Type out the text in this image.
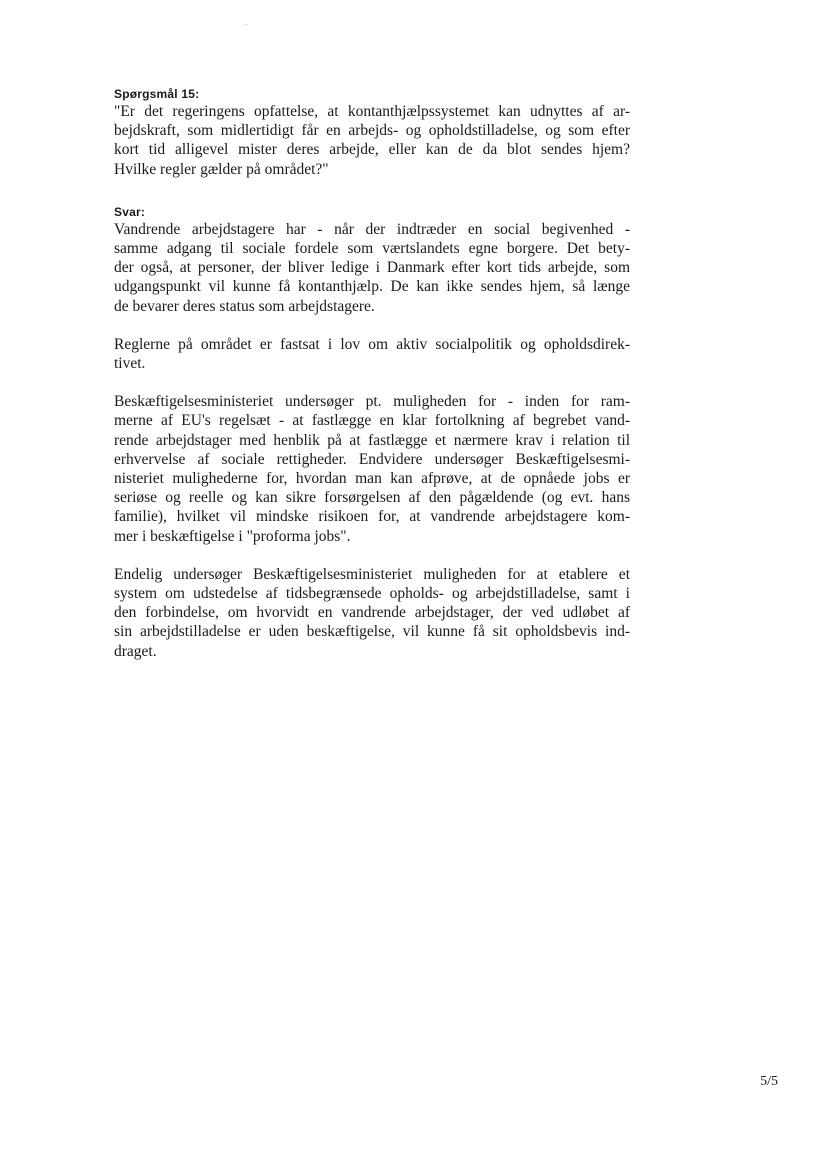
Spørgsmål 15:

"Er det regeringens opfattelse, at kontanthjælpssystemet kan udnyttes af ar-
bejdskraft, som midlertidigt får en arbejds- og opholdstilladelse, og som efter
kort tid alligevel mister deres arbejde, eller kan de da blot sendes hjem?
Hvilke regler gælder på området?"

Svar:

Vandrende arbejdstagere har - når der indtræder en social begivenhed -
samme adgang til sociale fordele som værtslandets egne borgere. Det bety-
der også, at personer, der bliver ledige i Danmark efter kort tids arbejde, som
udgangspunkt vil kunne få kontanthjælp. De kan ikke sendes hjem, så længe
de bevarer deres status som arbejdstagere.

Reglerne på området er fastsat i lov om aktiv socialpolitik og opholdsdirek-
tivet.

Beskæftigelsesministeriet undersøger pt. muligheden for - inden for ram-
merne af EU's regelsæt - at fastlægge en klar fortolkning af begrebet vand-
rende arbejdstager med henblik på at fastlægge et nærmere krav i relation til
erhvervelse af sociale rettigheder. Endvidere undersøger Beskæftigelsesmi-
nisteriet mulighederne for, hvordan man kan afprøve, at de opnåede jobs er
seriøse og reelle og kan sikre forsørgelsen af den pågældende (og evt. hans
familie), hvilket vil mindske risikoen for, at vandrende arbejdstagere kom-
mer i beskæftigelse i "proforma jobs".

Endelig undersøger Beskæftigelsesministeriet muligheden for at etablere et
system om udstedelse af tidsbegrænsede opholds- og arbejdstilladelse, samt i
den forbindelse, om hvorvidt en vandrende arbejdstager, der ved udløbet af
sin arbejdstilladelse er uden beskæftigelse, vil kunne få sit opholdsbevis ind-
draget.

5/5
